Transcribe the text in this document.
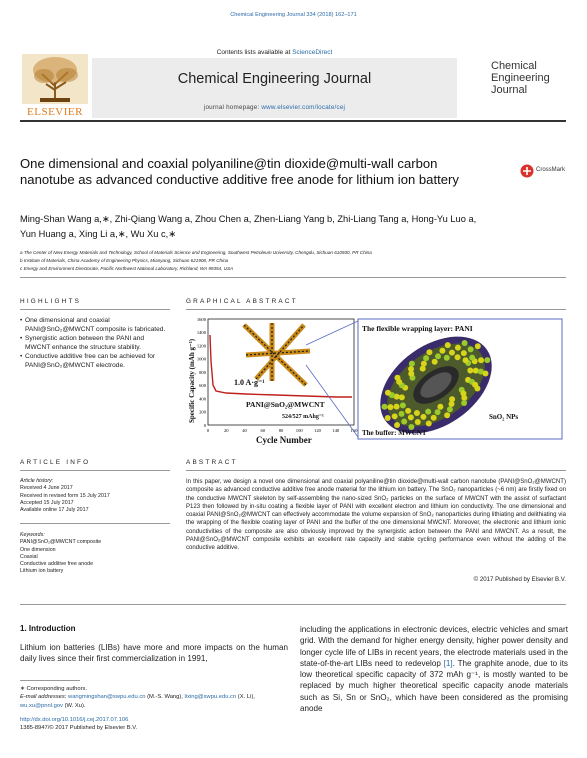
Chemical Engineering Journal 334 (2018) 162–171
Contents lists available at ScienceDirect
Chemical Engineering Journal
journal homepage: www.elsevier.com/locate/cej
ELSEVIER
Chemical
Engineering
Journal
One dimensional and coaxial polyaniline@tin dioxide@multi-wall carbon nanotube as advanced conductive additive free anode for lithium ion battery
CrossMark
Ming-Shan Wang a,∗, Zhi-Qiang Wang a, Zhou Chen a, Zhen-Liang Yang b, Zhi-Liang Tang a, Hong-Yu Luo a,
Yun Huang a, Xing Li a,∗, Wu Xu c,∗
a The Center of New Energy Materials and Technology, School of Materials Science and Engineering, Southwest Petroleum University, Chengdu, Sichuan 610500, PR China
b Institute of Materials, China Academy of Engineering Physics, Mianyang, Sichuan 621908, PR China
c Energy and Environment Directorate, Pacific Northwest National Laboratory, Richland, WA 99354, USA
HIGHLIGHTS
• One dimensional and coaxial PANI@SnO₂@MWCNT composite is fabricated.
• Synergistic action between the PANI and MWCNT enhance the structure stability.
• Conductive additive free can be achieved for PANI@SnO₂@MWCNT electrode.
GRAPHICAL ABSTRACT
0
200
400
600
800
1000
1200
1400
1600
0	20	40	60	80	100 120 140 160
Specific Capacity (mAh g⁻¹)
Cycle Number
1.0 A·g⁻¹
PANI@SnO₂@MWCNT
524/527 mAhg⁻¹
The flexible wrapping layer: PANI
SnO₂ NPs
The buffer: MWCNT
ARTICLE INFO
Article history:
Received 4 June 2017
Received in revised form 15 July 2017
Accepted 15 July 2017
Available online 17 July 2017
Keywords:
PANI@SnO₂@MWCNT composite
One dimension
Coaxial
Conductive additive free anode
Lithium ion battery
ABSTRACT
In this paper, we design a novel one dimensional and coaxial polyaniline@tin dioxide@multi-wall carbon nanotube (PANI@SnO₂@MWCNT) composite as advanced conductive additive free anode material for the lithium ion battery. The SnO₂ nanoparticles (~6 nm) are firstly fixed on the conductive MWCNT skeleton by self-assembling the nano-sized SnO₂ particles on the surface of MWCNT with the assist of surfactant P123 then followed by in-situ coating a flexible layer of PANI with excellent electron and lithium ion conductivity. The one dimensional and coaxial PANI@SnO₂@MWCNT can effectively accommodate the volume expansion of SnO₂ nanoparticles during lithiating and delithiating via the wrapping of the flexible coating layer of PANI and the buffer of the one dimensional MWCNT. Moreover, the electronic and lithium ionic conductivities of the composite are also obviously improved by the synergistic action between the PANI and MWCNT. As a result, the PANI@SnO₂@MWCNT composite exhibits an excellent rate capacity and stable cycling performance even without the adding of the conductive additive.
© 2017 Published by Elsevier B.V.
1. Introduction
Lithium ion batteries (LIBs) have more and more impacts on the human daily lives since their first commercialization in 1991,
including the applications in electronic devices, electric vehicles and smart grid. With the demand for higher energy density, higher power density and longer cycle life of LIBs in recent years, the electrode materials used in the state-of-the-art LIBs need to redevelop [1]. The graphite anode, due to its low theoretical specific capacity of 372 mAh g⁻¹, is mostly wanted to be replaced by much higher theoretical specific capacity anode materials such as Si, Sn or SnO₂, which have been considered as the promising anode
∗ Corresponding authors.
E-mail addresses: wangmingshan@swpu.edu.cn (M.-S. Wang), lixing@swpu.edu.cn (X. Li), wu.xu@pnnl.gov (W. Xu).
http://dx.doi.org/10.1016/j.cej.2017.07.106
1385-8947/© 2017 Published by Elsevier B.V.
